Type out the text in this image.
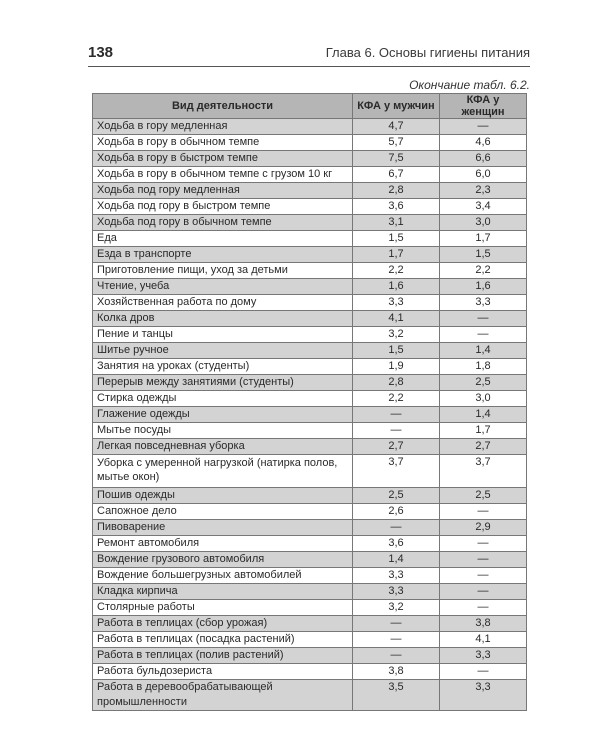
138	Глава 6. Основы гигиены питания
Окончание табл. 6.2.
Вид деятельности	КФА у мужчин	КФА у женщин
Ходьба в гору медленная	4,7	—
Ходьба в гору в обычном темпе	5,7	4,6
Ходьба в гору в быстром темпе	7,5	6,6
Ходьба в гору в обычном темпе с грузом 10 кг	6,7	6,0
Ходьба под гору медленная	2,8	2,3
Ходьба под гору в быстром темпе	3,6	3,4
Ходьба под гору в обычном темпе	3,1	3,0
Еда	1,5	1,7
Езда в транспорте	1,7	1,5
Приготовление пищи, уход за детьми	2,2	2,2
Чтение, учеба	1,6	1,6
Хозяйственная работа по дому	3,3	3,3
Колка дров	4,1	—
Пение и танцы	3,2	—
Шитье ручное	1,5	1,4
Занятия на уроках (студенты)	1,9	1,8
Перерыв между занятиями (студенты)	2,8	2,5
Стирка одежды	2,2	3,0
Глажение одежды	—	1,4
Мытье посуды	—	1,7
Легкая повседневная уборка	2,7	2,7
Уборка с умеренной нагрузкой (натирка полов, мытье окон)	3,7	3,7
Пошив одежды	2,5	2,5
Сапожное дело	2,6	—
Пивоварение	—	2,9
Ремонт автомобиля	3,6	—
Вождение грузового автомобиля	1,4	—
Вождение большегрузных автомобилей	3,3	—
Кладка кирпича	3,3	—
Столярные работы	3,2	—
Работа в теплицах (сбор урожая)	—	3,8
Работа в теплицах (посадка растений)	—	4,1
Работа в теплицах (полив растений)	—	3,3
Работа бульдозериста	3,8	—
Работа в деревообрабатывающей промышленности	3,5	3,3
